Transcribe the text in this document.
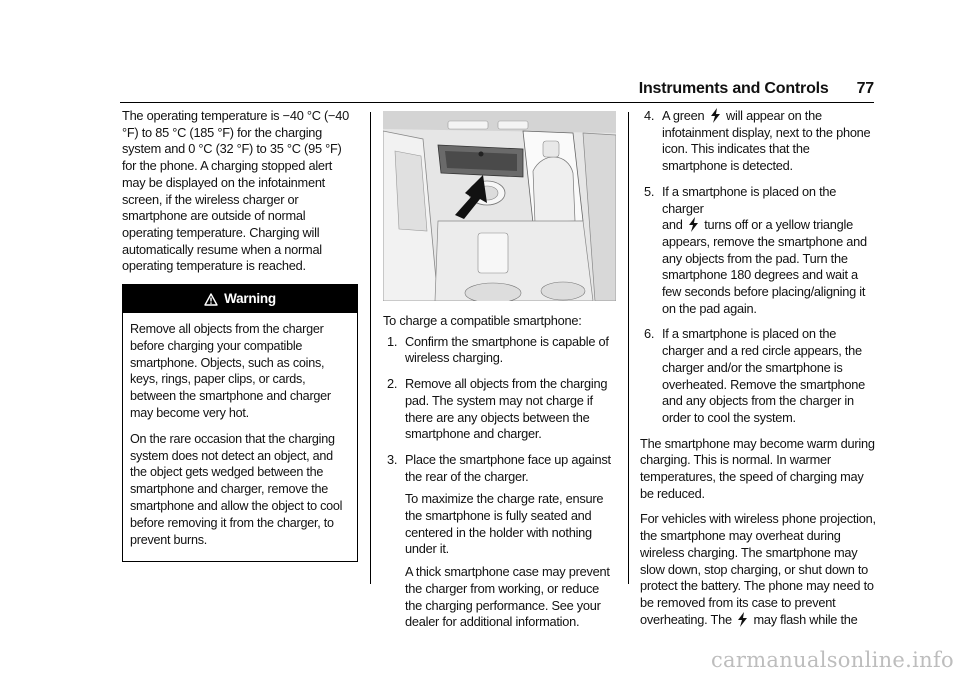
Instruments and Controls 77

The operating temperature is −40 °C (−40 °F) to 85 °C (185 °F) for the charging system and 0 °C (32 °F) to 35 °C (95 °F) for the phone. A charging stopped alert may be displayed on the infotainment screen, if the wireless charger or smartphone are outside of normal operating temperature. Charging will automatically resume when a normal operating temperature is reached.

Warning

Remove all objects from the charger before charging your compatible smartphone. Objects, such as coins, keys, rings, paper clips, or cards, between the smartphone and charger may become very hot.

On the rare occasion that the charging system does not detect an object, and the object gets wedged between the smartphone and charger, remove the smartphone and allow the object to cool before removing it from the charger, to prevent burns.

To charge a compatible smartphone:

1. Confirm the smartphone is capable of wireless charging.
2. Remove all objects from the charging pad. The system may not charge if there are any objects between the smartphone and charger.
3. Place the smartphone face up against the rear of the charger.

To maximize the charge rate, ensure the smartphone is fully seated and centered in the holder with nothing under it.

A thick smartphone case may prevent the charger from working, or reduce the charging performance. See your dealer for additional information.

4. A green will appear on the infotainment display, next to the phone icon. This indicates that the smartphone is detected.
5. If a smartphone is placed on the charger
and turns off or a yellow triangle appears, remove the smartphone and any objects from the pad. Turn the smartphone 180 degrees and wait a few seconds before placing/aligning it on the pad again.
6. If a smartphone is placed on the charger and a red circle appears, the charger and/or the smartphone is overheated. Remove the smartphone and any objects from the charger in order to cool the system.

The smartphone may become warm during charging. This is normal. In warmer temperatures, the speed of charging may be reduced.

For vehicles with wireless phone projection, the smartphone may overheat during wireless charging. The smartphone may slow down, stop charging, or shut down to protect the battery. The phone may need to be removed from its case to prevent overheating. The may flash while the

carmanualsonline.info
